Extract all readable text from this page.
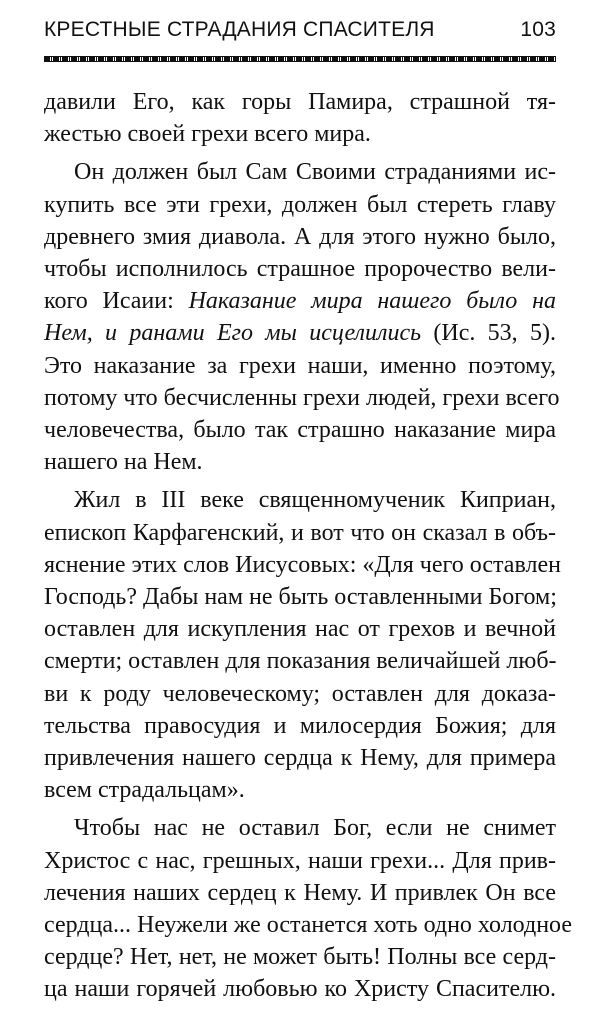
КРЕСТНЫЕ СТРАДАНИЯ СПАСИТЕЛЯ	103

давили Его, как горы Памира, страшной тя-
жестью своей грехи всего мира.

Он должен был Сам Своими страданиями ис-
купить все эти грехи, должен был стереть главу
древнего змия диавола. А для этого нужно было,
чтобы исполнилось страшное пророчество вели-
кого Исаии: Наказание мира нашего было на
Нем, и ранами Его мы исцелились (Ис. 53, 5).
Это наказание за грехи наши, именно поэтому,
потому что бесчисленны грехи людей, грехи всего
человечества, было так страшно наказание мира
нашего на Нем.

Жил в III веке священномученик Киприан,
епископ Карфагенский, и вот что он сказал в объ-
яснение этих слов Иисусовых: «Для чего оставлен
Господь? Дабы нам не быть оставленными Богом;
оставлен для искупления нас от грехов и вечной
смерти; оставлен для показания величайшей люб-
ви к роду человеческому; оставлен для доказа-
тельства правосудия и милосердия Божия; для
привлечения нашего сердца к Нему, для примера
всем страдальцам».

Чтобы нас не оставил Бог, если не снимет
Христос с нас, грешных, наши грехи... Для прив-
лечения наших сердец к Нему. И привлек Он все
сердца... Неужели же останется хоть одно холодное
сердце? Нет, нет, не может быть! Полны все серд-
ца наши горячей любовью ко Христу Спасителю.
